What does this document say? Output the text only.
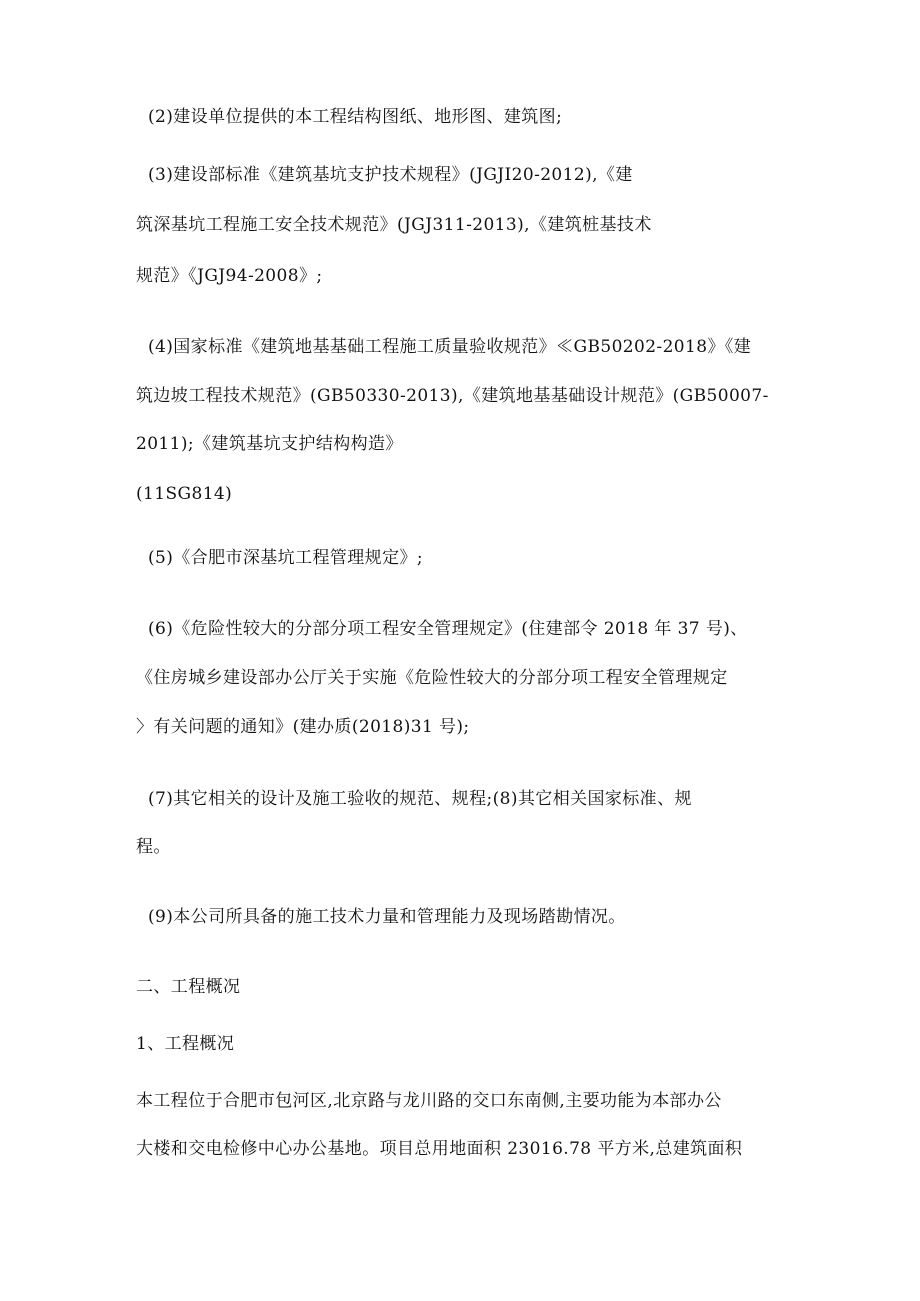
(2)建设单位提供的本工程结构图纸、地形图、建筑图;
(3)建设部标准《建筑基坑支护技术规程》(JGJI20-2012),《建
筑深基坑工程施工安全技术规范》(JGJ311-2013),《建筑桩基技术
规范》《JGJ94-2008》;
(4)国家标准《建筑地基基础工程施工质量验收规范》≪GB50202-2018》《建
筑边坡工程技术规范》(GB50330-2013),《建筑地基基础设计规范》(GB50007-
2011);《建筑基坑支护结构构造》
(11SG814)
(5)《合肥市深基坑工程管理规定》;
(6)《危险性较大的分部分项工程安全管理规定》(住建部令 2018 年 37 号)、
《住房城乡建设部办公厅关于实施《危险性较大的分部分项工程安全管理规定
〉有关问题的通知》(建办质(2018)31 号);
(7)其它相关的设计及施工验收的规范、规程;(8)其它相关国家标准、规
程。
(9)本公司所具备的施工技术力量和管理能力及现场踏勘情况。
二、工程概况
1、工程概况
本工程位于合肥市包河区,北京路与龙川路的交口东南侧,主要功能为本部办公
大楼和交电检修中心办公基地。项目总用地面积 23016.78 平方米,总建筑面积
